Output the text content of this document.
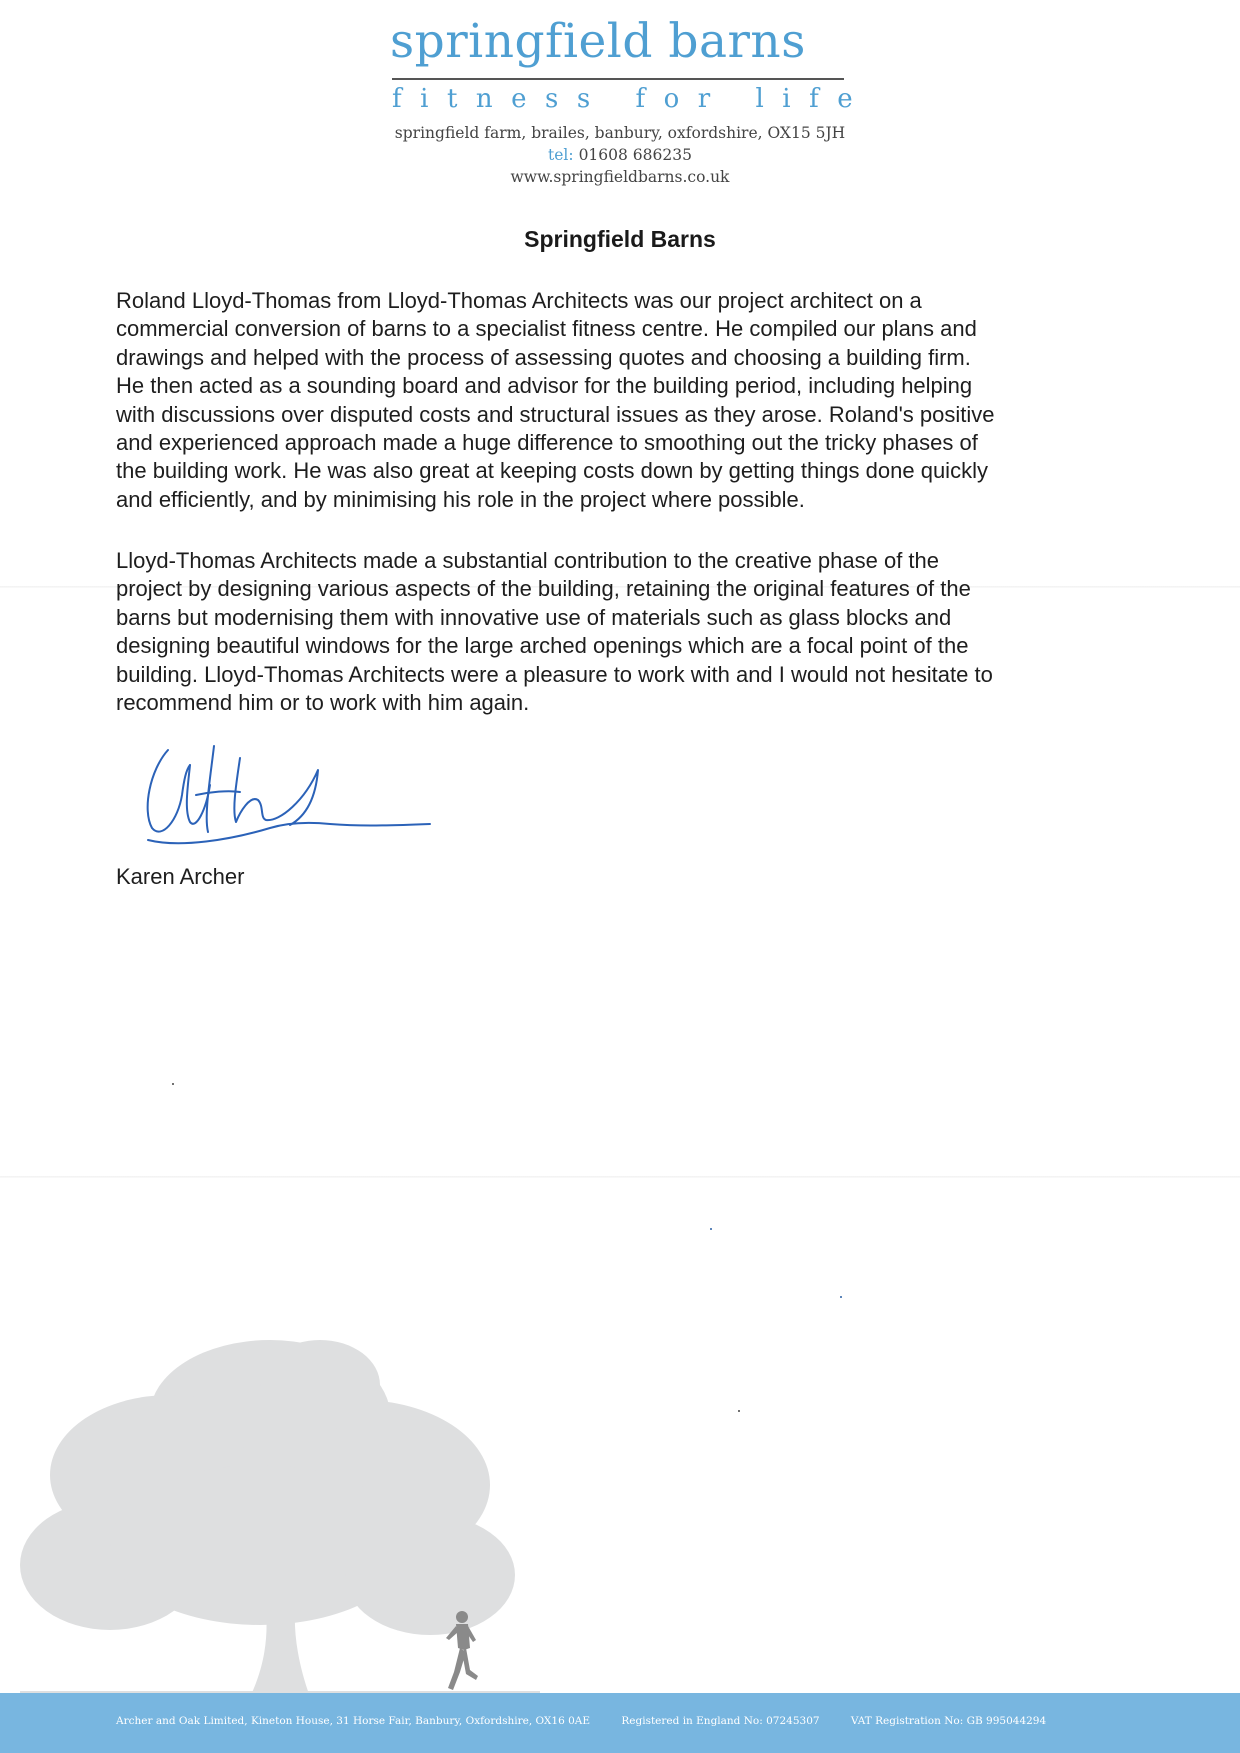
springfield barns
fitness for life
springfield farm, brailes, banbury, oxfordshire, OX15 5JH
tel: 01608 686235
www.springfieldbarns.co.uk
Springfield Barns
Roland Lloyd-Thomas from Lloyd-Thomas Architects was our project architect on a
commercial conversion of barns to a specialist fitness centre. He compiled our plans and
drawings and helped with the process of assessing quotes and choosing a building firm.
He then acted as a sounding board and advisor for the building period, including helping
with discussions over disputed costs and structural issues as they arose. Roland's positive
and experienced approach made a huge difference to smoothing out the tricky phases of
the building work. He was also great at keeping costs down by getting things done quickly
and efficiently, and by minimising his role in the project where possible.
Lloyd-Thomas Architects made a substantial contribution to the creative phase of the
project by designing various aspects of the building, retaining the original features of the
barns but modernising them with innovative use of materials such as glass blocks and
designing beautiful windows for the large arched openings which are a focal point of the
building. Lloyd-Thomas Architects were a pleasure to work with and I would not hesitate to
recommend him or to work with him again.
Karen Archer
Archer and Oak Limited, Kineton House, 31 Horse Fair, Banbury, Oxfordshire, OX16 0AE	Registered in England No: 07245307	VAT Registration No: GB 995044294
